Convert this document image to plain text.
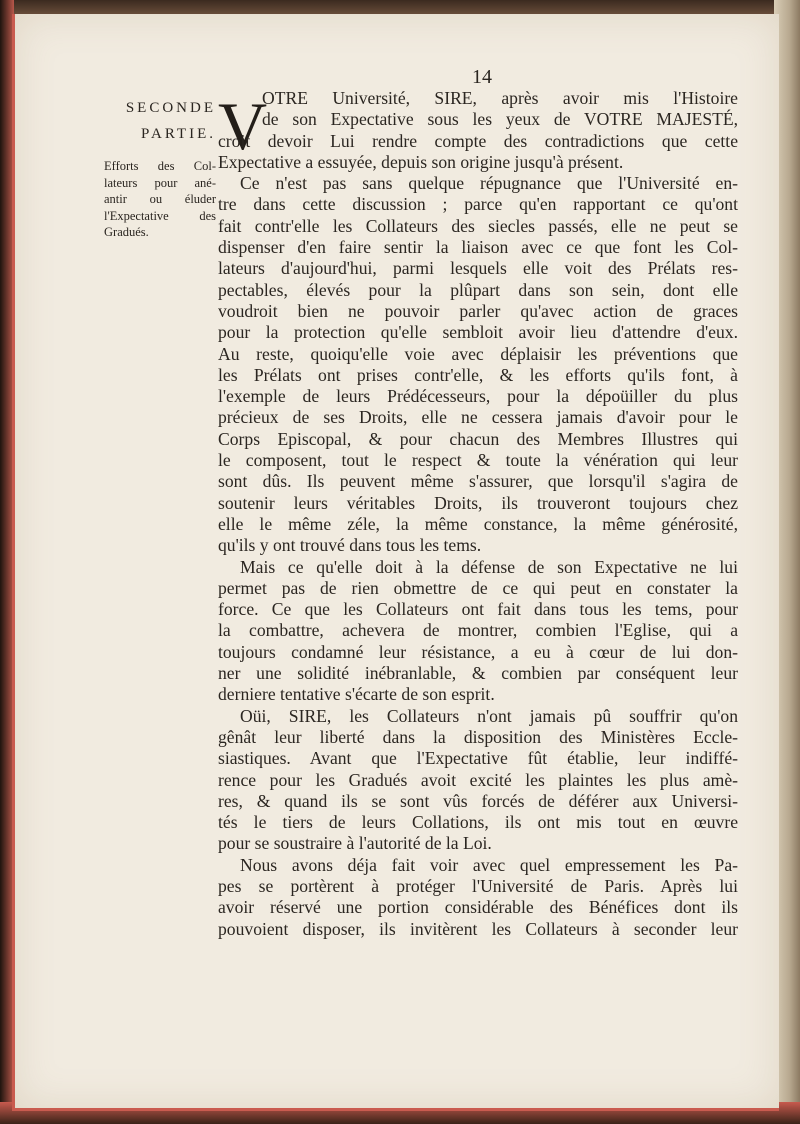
14
SECONDE
PARTIE.
Efforts des Col-
lateurs pour ané-
antir ou éluder
l'Expectative des
Gradués.
V
OTRE Université, SIRE, après avoir mis l'Histoire
de son Expectative sous les yeux de VOTRE MAJESTÉ,
croit devoir Lui rendre compte des contradictions que cette
Expectative a essuyée, depuis son origine jusqu'à présent.
Ce n'est pas sans quelque répugnance que l'Université en-
tre dans cette discussion ; parce qu'en rapportant ce qu'ont
fait contr'elle les Collateurs des siecles passés, elle ne peut se
dispenser d'en faire sentir la liaison avec ce que font les Col-
lateurs d'aujourd'hui, parmi lesquels elle voit des Prélats res-
pectables, élevés pour la plûpart dans son sein, dont elle
voudroit bien ne pouvoir parler qu'avec action de graces
pour la protection qu'elle sembloit avoir lieu d'attendre d'eux.
Au reste, quoiqu'elle voie avec déplaisir les préventions que
les Prélats ont prises contr'elle, & les efforts qu'ils font, à
l'exemple de leurs Prédécesseurs, pour la dépoüiller du plus
précieux de ses Droits, elle ne cessera jamais d'avoir pour le
Corps Episcopal, & pour chacun des Membres Illustres qui
le composent, tout le respect & toute la vénération qui leur
sont dûs. Ils peuvent même s'assurer, que lorsqu'il s'agira de
soutenir leurs véritables Droits, ils trouveront toujours chez
elle le même zéle, la même constance, la même générosité,
qu'ils y ont trouvé dans tous les tems.
Mais ce qu'elle doit à la défense de son Expectative ne lui
permet pas de rien obmettre de ce qui peut en constater la
force. Ce que les Collateurs ont fait dans tous les tems, pour
la combattre, achevera de montrer, combien l'Eglise, qui a
toujours condamné leur résistance, a eu à cœur de lui don-
ner une solidité inébranlable, & combien par conséquent leur
derniere tentative s'écarte de son esprit.
Oüi, SIRE, les Collateurs n'ont jamais pû souffrir qu'on
gênât leur liberté dans la disposition des Ministères Eccle-
siastiques. Avant que l'Expectative fût établie, leur indiffé-
rence pour les Gradués avoit excité les plaintes les plus amè-
res, & quand ils se sont vûs forcés de déférer aux Universi-
tés le tiers de leurs Collations, ils ont mis tout en œuvre
pour se soustraire à l'autorité de la Loi.
Nous avons déja fait voir avec quel empressement les Pa-
pes se portèrent à protéger l'Université de Paris. Après lui
avoir réservé une portion considérable des Bénéfices dont ils
pouvoient disposer, ils invitèrent les Collateurs à seconder leur
